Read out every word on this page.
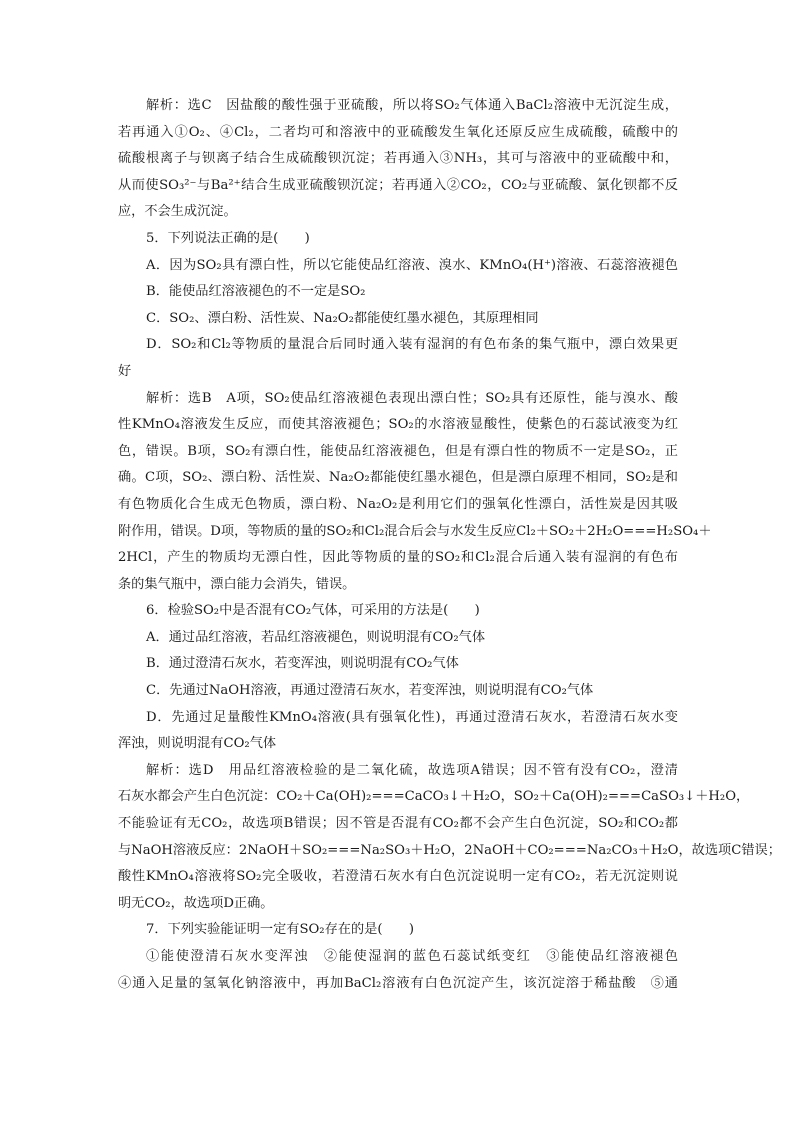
解析：选C　因盐酸的酸性强于亚硫酸，所以将SO₂气体通入BaCl₂溶液中无沉淀生成，
若再通入①O₂、④Cl₂，二者均可和溶液中的亚硫酸发生氧化还原反应生成硫酸，硫酸中的
硫酸根离子与钡离子结合生成硫酸钡沉淀；若再通入③NH₃，其可与溶液中的亚硫酸中和，
从而使SO₃²⁻与Ba²⁺结合生成亚硫酸钡沉淀；若再通入②CO₂，CO₂与亚硫酸、氯化钡都不反
应，不会生成沉淀。
5．下列说法正确的是(　　)
A．因为SO₂具有漂白性，所以它能使品红溶液、溴水、KMnO₄(H⁺)溶液、石蕊溶液褪色
B．能使品红溶液褪色的不一定是SO₂
C．SO₂、漂白粉、活性炭、Na₂O₂都能使红墨水褪色，其原理相同
D．SO₂和Cl₂等物质的量混合后同时通入装有湿润的有色布条的集气瓶中，漂白效果更
好
解析：选B　A项，SO₂使品红溶液褪色表现出漂白性；SO₂具有还原性，能与溴水、酸
性KMnO₄溶液发生反应，而使其溶液褪色；SO₂的水溶液显酸性，使紫色的石蕊试液变为红
色，错误。B项，SO₂有漂白性，能使品红溶液褪色，但是有漂白性的物质不一定是SO₂，正
确。C项，SO₂、漂白粉、活性炭、Na₂O₂都能使红墨水褪色，但是漂白原理不相同，SO₂是和
有色物质化合生成无色物质，漂白粉、Na₂O₂是利用它们的强氧化性漂白，活性炭是因其吸
附作用，错误。D项，等物质的量的SO₂和Cl₂混合后会与水发生反应Cl₂＋SO₂＋2H₂O===H₂SO₄＋
2HCl，产生的物质均无漂白性，因此等物质的量的SO₂和Cl₂混合后通入装有湿润的有色布
条的集气瓶中，漂白能力会消失，错误。
6．检验SO₂中是否混有CO₂气体，可采用的方法是(　　)
A．通过品红溶液，若品红溶液褪色，则说明混有CO₂气体
B．通过澄清石灰水，若变浑浊，则说明混有CO₂气体
C．先通过NaOH溶液，再通过澄清石灰水，若变浑浊，则说明混有CO₂气体
D．先通过足量酸性KMnO₄溶液(具有强氧化性)，再通过澄清石灰水，若澄清石灰水变
浑浊，则说明混有CO₂气体
解析：选D　用品红溶液检验的是二氧化硫，故选项A错误；因不管有没有CO₂，澄清
石灰水都会产生白色沉淀：CO₂＋Ca(OH)₂===CaCO₃↓＋H₂O，SO₂＋Ca(OH)₂===CaSO₃↓＋H₂O，
不能验证有无CO₂，故选项B错误；因不管是否混有CO₂都不会产生白色沉淀，SO₂和CO₂都
与NaOH溶液反应：2NaOH＋SO₂===Na₂SO₃＋H₂O，2NaOH＋CO₂===Na₂CO₃＋H₂O，故选项C错误；
酸性KMnO₄溶液将SO₂完全吸收，若澄清石灰水有白色沉淀说明一定有CO₂，若无沉淀则说
明无CO₂，故选项D正确。
7．下列实验能证明一定有SO₂存在的是(　　)
①能使澄清石灰水变浑浊　②能使湿润的蓝色石蕊试纸变红　③能使品红溶液褪色
④通入足量的氢氧化钠溶液中，再加BaCl₂溶液有白色沉淀产生，该沉淀溶于稀盐酸　⑤通
